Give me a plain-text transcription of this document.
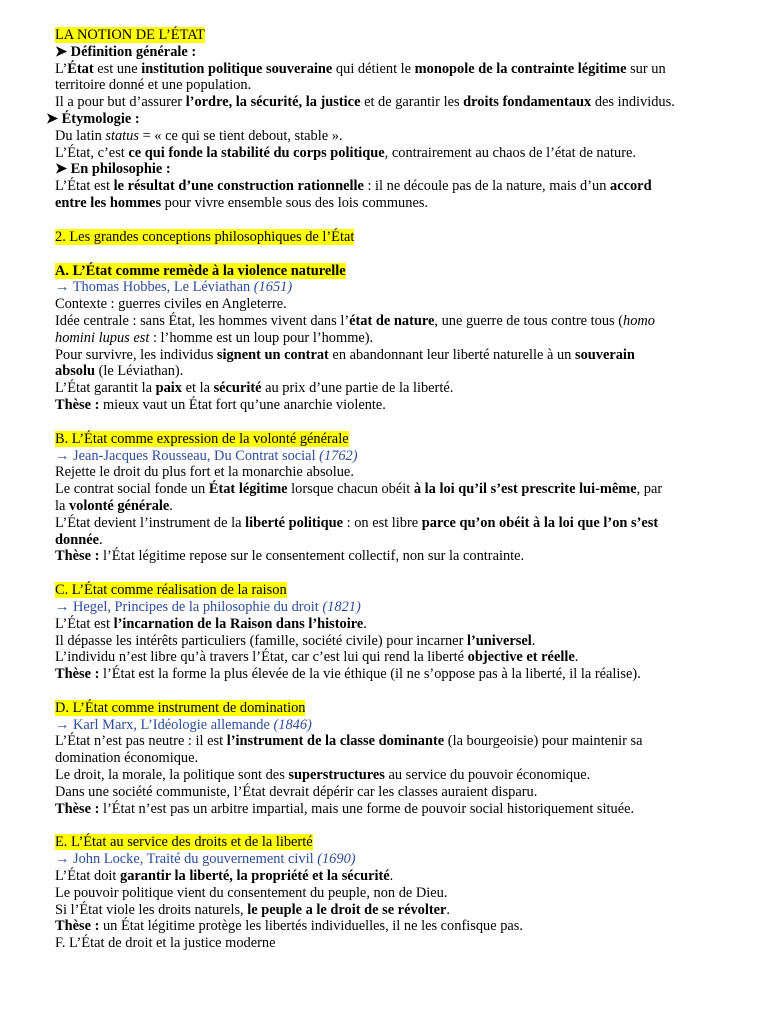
LA NOTION DE L’ÉTAT
➤ Définition générale :
L’État est une institution politique souveraine qui détient le monopole de la contrainte légitime sur un
territoire donné et une population.
Il a pour but d’assurer l’ordre, la sécurité, la justice et de garantir les droits fondamentaux des individus.
➤ Étymologie :
Du latin status = « ce qui se tient debout, stable ».
L’État, c’est ce qui fonde la stabilité du corps politique, contrairement au chaos de l’état de nature.
➤ En philosophie :
L’État est le résultat d’une construction rationnelle : il ne découle pas de la nature, mais d’un accord
entre les hommes pour vivre ensemble sous des lois communes.
2. Les grandes conceptions philosophiques de l’État
A. L’État comme remède à la violence naturelle
→ Thomas Hobbes, Le Léviathan (1651)
Contexte : guerres civiles en Angleterre.
Idée centrale : sans État, les hommes vivent dans l’état de nature, une guerre de tous contre tous (homo
homini lupus est : l’homme est un loup pour l’homme).
Pour survivre, les individus signent un contrat en abandonnant leur liberté naturelle à un souverain
absolu (le Léviathan).
L’État garantit la paix et la sécurité au prix d’une partie de la liberté.
Thèse : mieux vaut un État fort qu’une anarchie violente.
B. L’État comme expression de la volonté générale
→ Jean-Jacques Rousseau, Du Contrat social (1762)
Rejette le droit du plus fort et la monarchie absolue.
Le contrat social fonde un État légitime lorsque chacun obéit à la loi qu’il s’est prescrite lui-même, par
la volonté générale.
L’État devient l’instrument de la liberté politique : on est libre parce qu’on obéit à la loi que l’on s’est
donnée.
Thèse : l’État légitime repose sur le consentement collectif, non sur la contrainte.
C. L’État comme réalisation de la raison
→ Hegel, Principes de la philosophie du droit (1821)
L’État est l’incarnation de la Raison dans l’histoire.
Il dépasse les intérêts particuliers (famille, société civile) pour incarner l’universel.
L’individu n’est libre qu’à travers l’État, car c’est lui qui rend la liberté objective et réelle.
Thèse : l’État est la forme la plus élevée de la vie éthique (il ne s’oppose pas à la liberté, il la réalise).
D. L’État comme instrument de domination
→ Karl Marx, L’Idéologie allemande (1846)
L’État n’est pas neutre : il est l’instrument de la classe dominante (la bourgeoisie) pour maintenir sa
domination économique.
Le droit, la morale, la politique sont des superstructures au service du pouvoir économique.
Dans une société communiste, l’État devrait dépérir car les classes auraient disparu.
Thèse : l’État n’est pas un arbitre impartial, mais une forme de pouvoir social historiquement située.
E. L’État au service des droits et de la liberté
→ John Locke, Traité du gouvernement civil (1690)
L’État doit garantir la liberté, la propriété et la sécurité.
Le pouvoir politique vient du consentement du peuple, non de Dieu.
Si l’État viole les droits naturels, le peuple a le droit de se révolter.
Thèse : un État légitime protège les libertés individuelles, il ne les confisque pas.
F. L’État de droit et la justice moderne
